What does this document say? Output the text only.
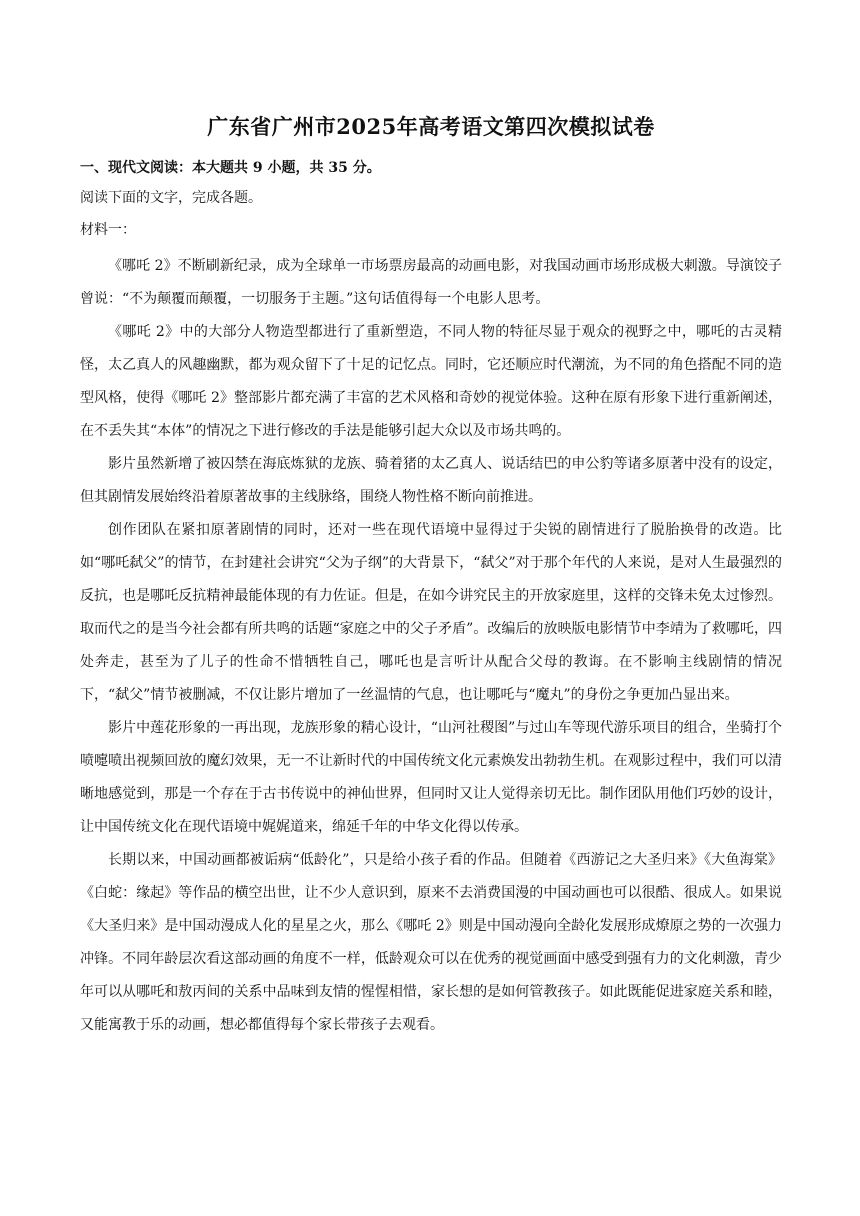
广东省广州市2025年高考语文第四次模拟试卷

一、现代文阅读：本大题共 9 小题，共 35 分。

阅读下面的文字，完成各题。

材料一：

《哪吒 2》不断刷新纪录，成为全球单一市场票房最高的动画电影，对我国动画市场形成极大刺激。导演饺子曾说：“不为颠覆而颠覆，一切服务于主题。”这句话值得每一个电影人思考。

《哪吒 2》中的大部分人物造型都进行了重新塑造，不同人物的特征尽显于观众的视野之中，哪吒的古灵精怪，太乙真人的风趣幽默，都为观众留下了十足的记忆点。同时，它还顺应时代潮流，为不同的角色搭配不同的造型风格，使得《哪吒 2》整部影片都充满了丰富的艺术风格和奇妙的视觉体验。这种在原有形象下进行重新阐述，在不丢失其“本体”的情况之下进行修改的手法是能够引起大众以及市场共鸣的。

影片虽然新增了被囚禁在海底炼狱的龙族、骑着猪的太乙真人、说话结巴的申公豹等诸多原著中没有的设定，但其剧情发展始终沿着原著故事的主线脉络，围绕人物性格不断向前推进。

创作团队在紧扣原著剧情的同时，还对一些在现代语境中显得过于尖锐的剧情进行了脱胎换骨的改造。比如“哪吒弑父”的情节，在封建社会讲究“父为子纲”的大背景下，“弑父”对于那个年代的人来说，是对人生最强烈的反抗，也是哪吒反抗精神最能体现的有力佐证。但是，在如今讲究民主的开放家庭里，这样的交锋未免太过惨烈。取而代之的是当今社会都有所共鸣的话题“家庭之中的父子矛盾”。改编后的放映版电影情节中李靖为了救哪吒，四处奔走，甚至为了儿子的性命不惜牺牲自己，哪吒也是言听计从配合父母的教诲。在不影响主线剧情的情况下，“弑父”情节被删减，不仅让影片增加了一丝温情的气息，也让哪吒与“魔丸”的身份之争更加凸显出来。

影片中莲花形象的一再出现，龙族形象的精心设计，“山河社稷图”与过山车等现代游乐项目的组合，坐骑打个喷嚏喷出视频回放的魔幻效果，无一不让新时代的中国传统文化元素焕发出勃勃生机。在观影过程中，我们可以清晰地感觉到，那是一个存在于古书传说中的神仙世界，但同时又让人觉得亲切无比。制作团队用他们巧妙的设计，让中国传统文化在现代语境中娓娓道来，绵延千年的中华文化得以传承。

长期以来，中国动画都被诟病“低龄化”，只是给小孩子看的作品。但随着《西游记之大圣归来》《大鱼海棠》《白蛇：缘起》等作品的横空出世，让不少人意识到，原来不去消费国漫的中国动画也可以很酷、很成人。如果说《大圣归来》是中国动漫成人化的星星之火，那么《哪吒 2》则是中国动漫向全龄化发展形成燎原之势的一次强力冲锋。不同年龄层次看这部动画的角度不一样，低龄观众可以在优秀的视觉画面中感受到强有力的文化刺激，青少年可以从哪吒和敖丙间的关系中品味到友情的惺惺相惜，家长想的是如何管教孩子。如此既能促进家庭关系和睦，又能寓教于乐的动画，想必都值得每个家长带孩子去观看。
